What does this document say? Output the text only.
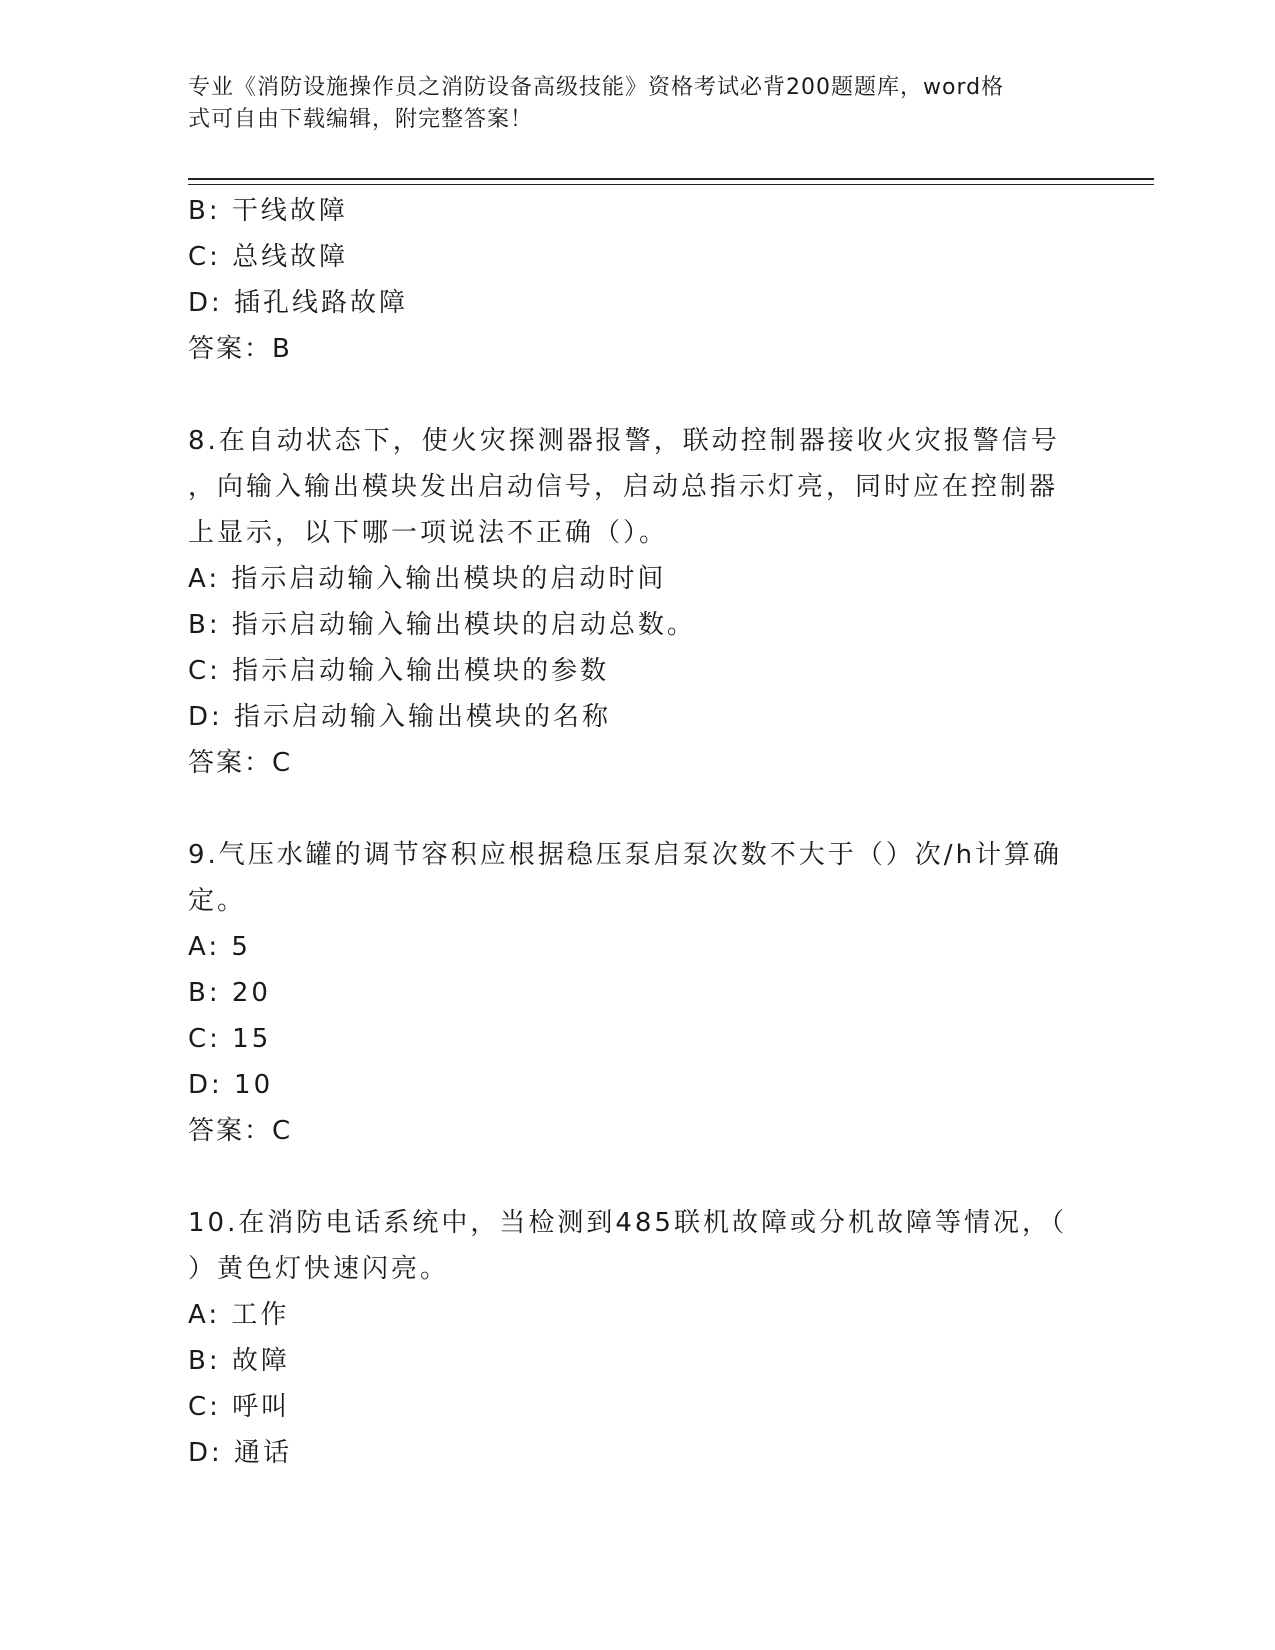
专业《消防设施操作员之消防设备高级技能》资格考试必背200题题库，word格
式可自由下载编辑，附完整答案！
B: 干线故障
C: 总线故障
D: 插孔线路故障
答案：B
8.在自动状态下，使火灾探测器报警，联动控制器接收火灾报警信号
，向输入输出模块发出启动信号，启动总指示灯亮，同时应在控制器
上显示，以下哪一项说法不正确（）。
A: 指示启动输入输出模块的启动时间
B: 指示启动输入输出模块的启动总数。
C: 指示启动输入输出模块的参数
D: 指示启动输入输出模块的名称
答案：C
9.气压水罐的调节容积应根据稳压泵启泵次数不大于（）次/h计算确
定。
A: 5
B: 20
C: 15
D: 10
答案：C
10.在消防电话系统中，当检测到485联机故障或分机故障等情况，（
）黄色灯快速闪亮。
A: 工作
B: 故障
C: 呼叫
D: 通话
